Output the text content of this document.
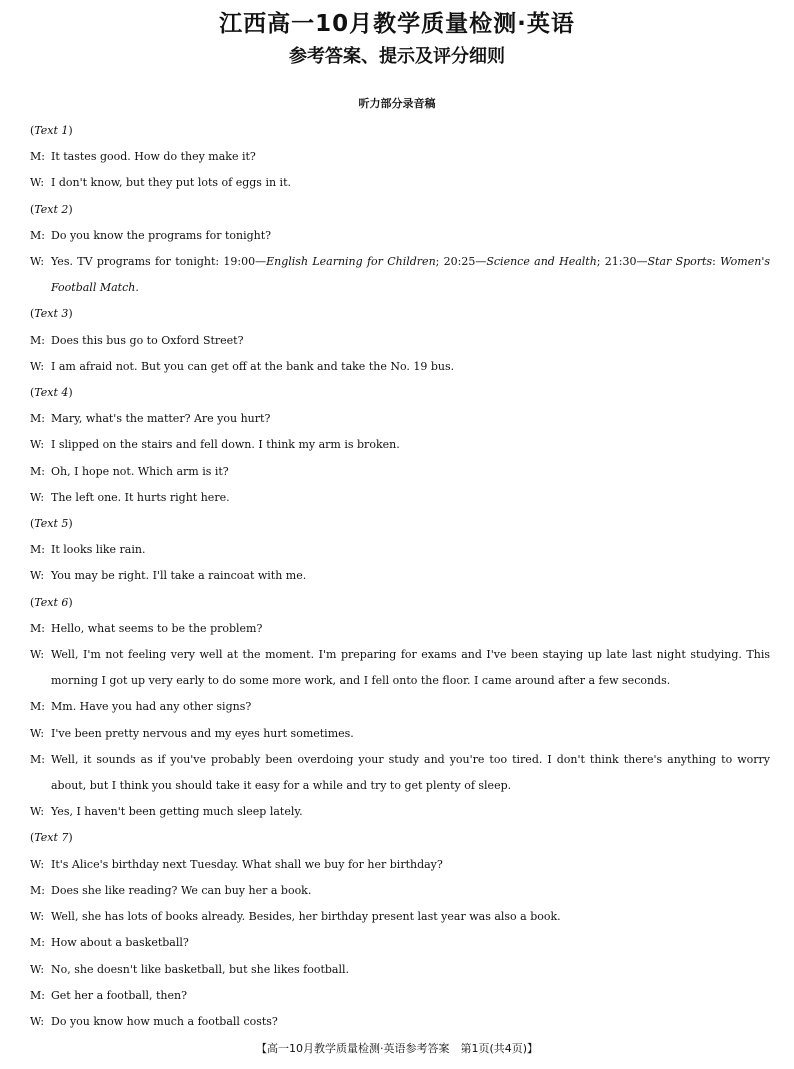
江西高一10月教学质量检测·英语
参考答案、提示及评分细则
听力部分录音稿
( Text 1 )
M: It tastes good. How do they make it?
W: I don't know, but they put lots of eggs in it.
( Text 2 )
M: Do you know the programs for tonight?
W: Yes. TV programs for tonight: 19:00—English Learning for Children; 20:25—Science and Health; 21:30—Star Sports: Women's Football Match.
( Text 3 )
M: Does this bus go to Oxford Street?
W: I am afraid not. But you can get off at the bank and take the No. 19 bus.
( Text 4 )
M: Mary, what's the matter? Are you hurt?
W: I slipped on the stairs and fell down. I think my arm is broken.
M: Oh, I hope not. Which arm is it?
W: The left one. It hurts right here.
( Text 5 )
M: It looks like rain.
W: You may be right. I'll take a raincoat with me.
( Text 6 )
M: Hello, what seems to be the problem?
W: Well, I'm not feeling very well at the moment. I'm preparing for exams and I've been staying up late last night studying. This morning I got up very early to do some more work, and I fell onto the floor. I came around after a few seconds.
M: Mm. Have you had any other signs?
W: I've been pretty nervous and my eyes hurt sometimes.
M: Well, it sounds as if you've probably been overdoing your study and you're too tired. I don't think there's anything to worry about, but I think you should take it easy for a while and try to get plenty of sleep.
W: Yes, I haven't been getting much sleep lately.
( Text 7 )
W: It's Alice's birthday next Tuesday. What shall we buy for her birthday?
M: Does she like reading? We can buy her a book.
W: Well, she has lots of books already. Besides, her birthday present last year was also a book.
M: How about a basketball?
W: No, she doesn't like basketball, but she likes football.
M: Get her a football, then?
W: Do you know how much a football costs?
【高一10月教学质量检测·英语参考答案　第1页(共4页)】
